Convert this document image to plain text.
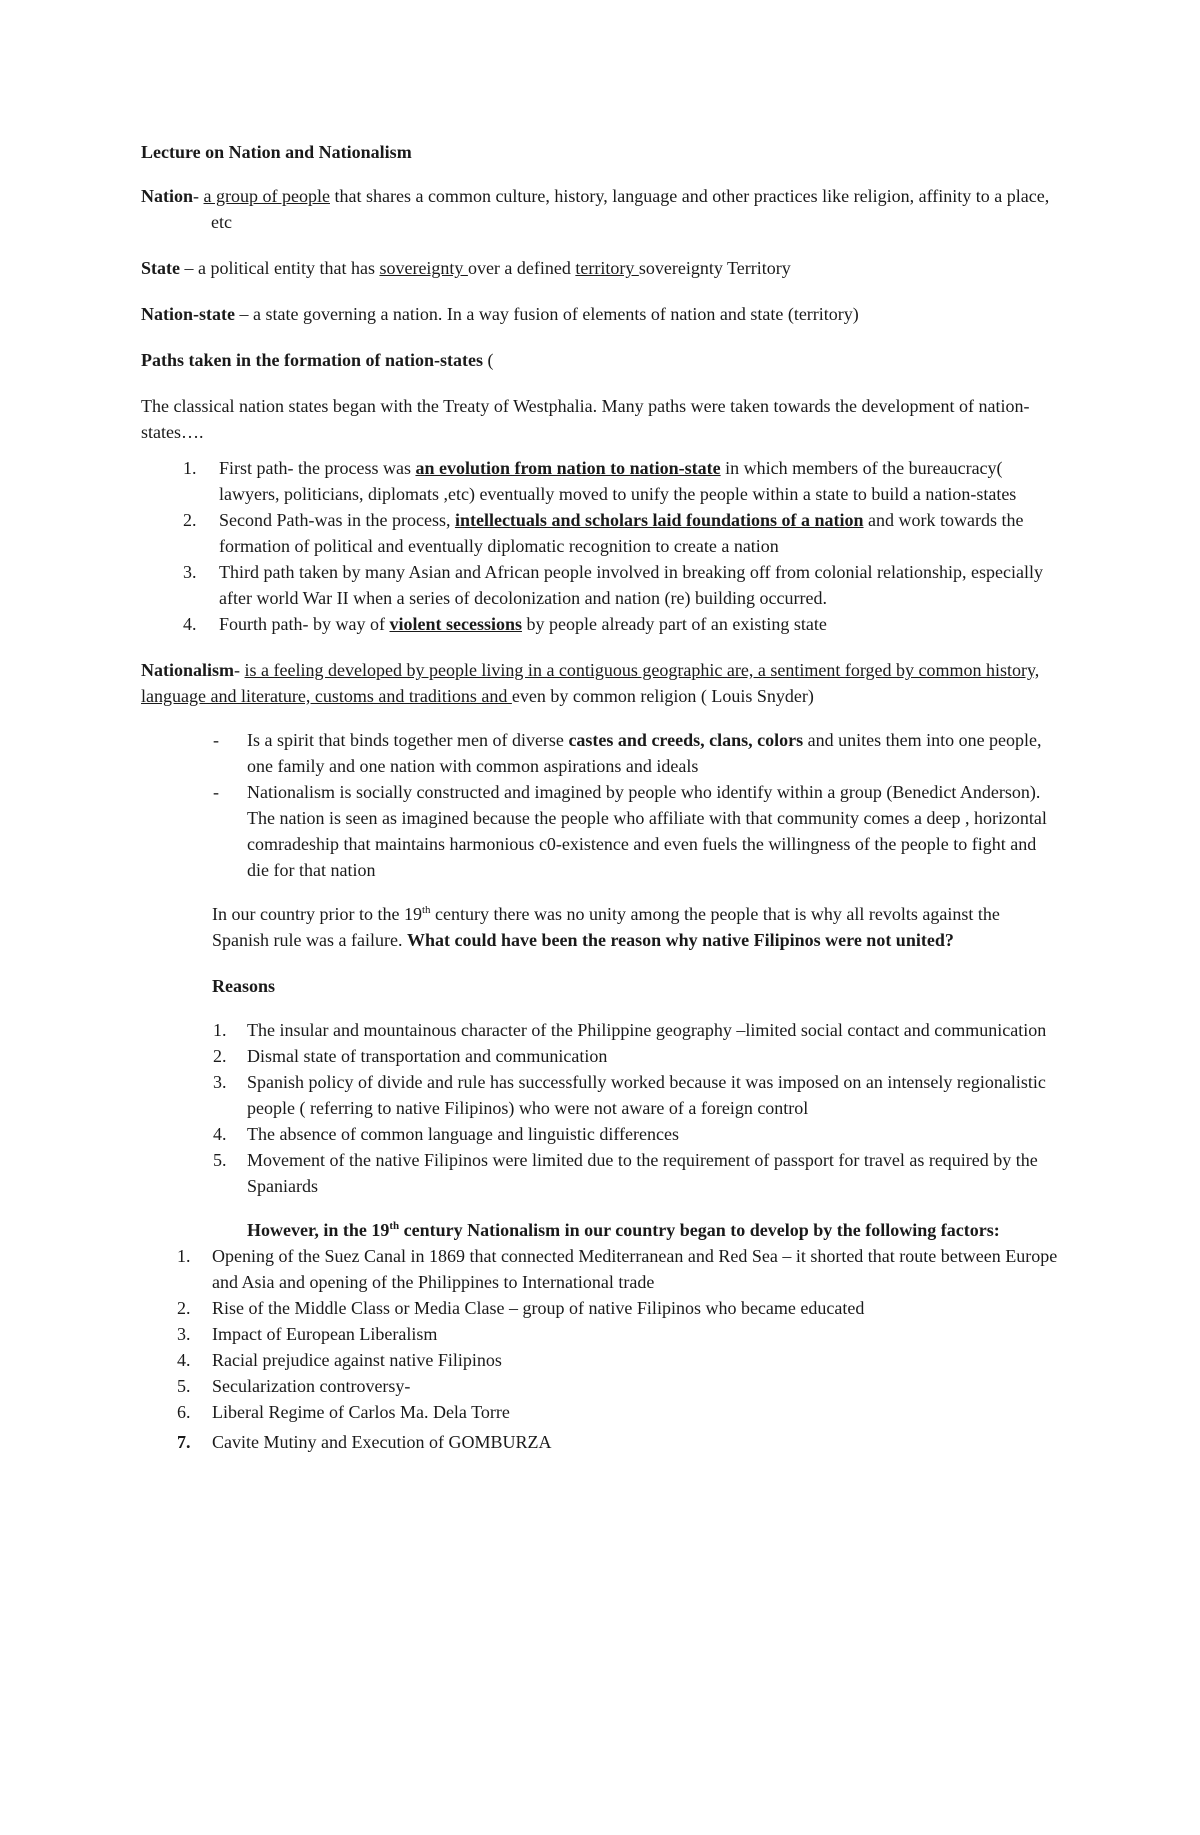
Lecture on Nation and Nationalism

Nation- a group of people that shares a common culture, history, language and other practices like religion, affinity to a place, etc

State – a political entity that has sovereignty over a defined territory sovereignty Territory

Nation-state – a state governing a nation. In a way fusion of elements of nation and state (territory)

Paths taken in the formation of nation-states (

The classical nation states began with the Treaty of Westphalia. Many paths were taken towards the development of nation-states….

1. First path- the process was an evolution from nation to nation-state in which members of the bureaucracy( lawyers, politicians, diplomats ,etc) eventually moved to unify the people within a state to build a nation-states
2. Second Path-was in the process, intellectuals and scholars laid foundations of a nation and work towards the formation of political and eventually diplomatic recognition to create a nation
3. Third path taken by many Asian and African people involved in breaking off from colonial relationship, especially after world War II when a series of decolonization and nation (re) building occurred.
4. Fourth path- by way of violent secessions by people already part of an existing state

Nationalism- is a feeling developed by people living in a contiguous geographic are, a sentiment forged by common history, language and literature, customs and traditions and even by common religion ( Louis Snyder)

- Is a spirit that binds together men of diverse castes and creeds, clans, colors and unites them into one people, one family and one nation with common aspirations and ideals
- Nationalism is socially constructed and imagined by people who identify within a group (Benedict Anderson). The nation is seen as imagined because the people who affiliate with that community comes a deep , horizontal comradeship that maintains harmonious c0-existence and even fuels the willingness of the people to fight and die for that nation

In our country prior to the 19th century there was no unity among the people that is why all revolts against the Spanish rule was a failure. What could have been the reason why native Filipinos were not united?

Reasons

1. The insular and mountainous character of the Philippine geography –limited social contact and communication
2. Dismal state of transportation and communication
3. Spanish policy of divide and rule has successfully worked because it was imposed on an intensely regionalistic people ( referring to native Filipinos) who were not aware of a foreign control
4. The absence of common language and linguistic differences
5. Movement of the native Filipinos were limited due to the requirement of passport for travel as required by the Spaniards

However, in the 19th century Nationalism in our country began to develop by the following factors:

1. Opening of the Suez Canal in 1869 that connected Mediterranean and Red Sea – it shorted that route between Europe and Asia and opening of the Philippines to International trade
2. Rise of the Middle Class or Media Clase – group of native Filipinos who became educated
3. Impact of European Liberalism
4. Racial prejudice against native Filipinos
5. Secularization controversy-
6. Liberal Regime of Carlos Ma. Dela Torre
7. Cavite Mutiny and Execution of GOMBURZA
